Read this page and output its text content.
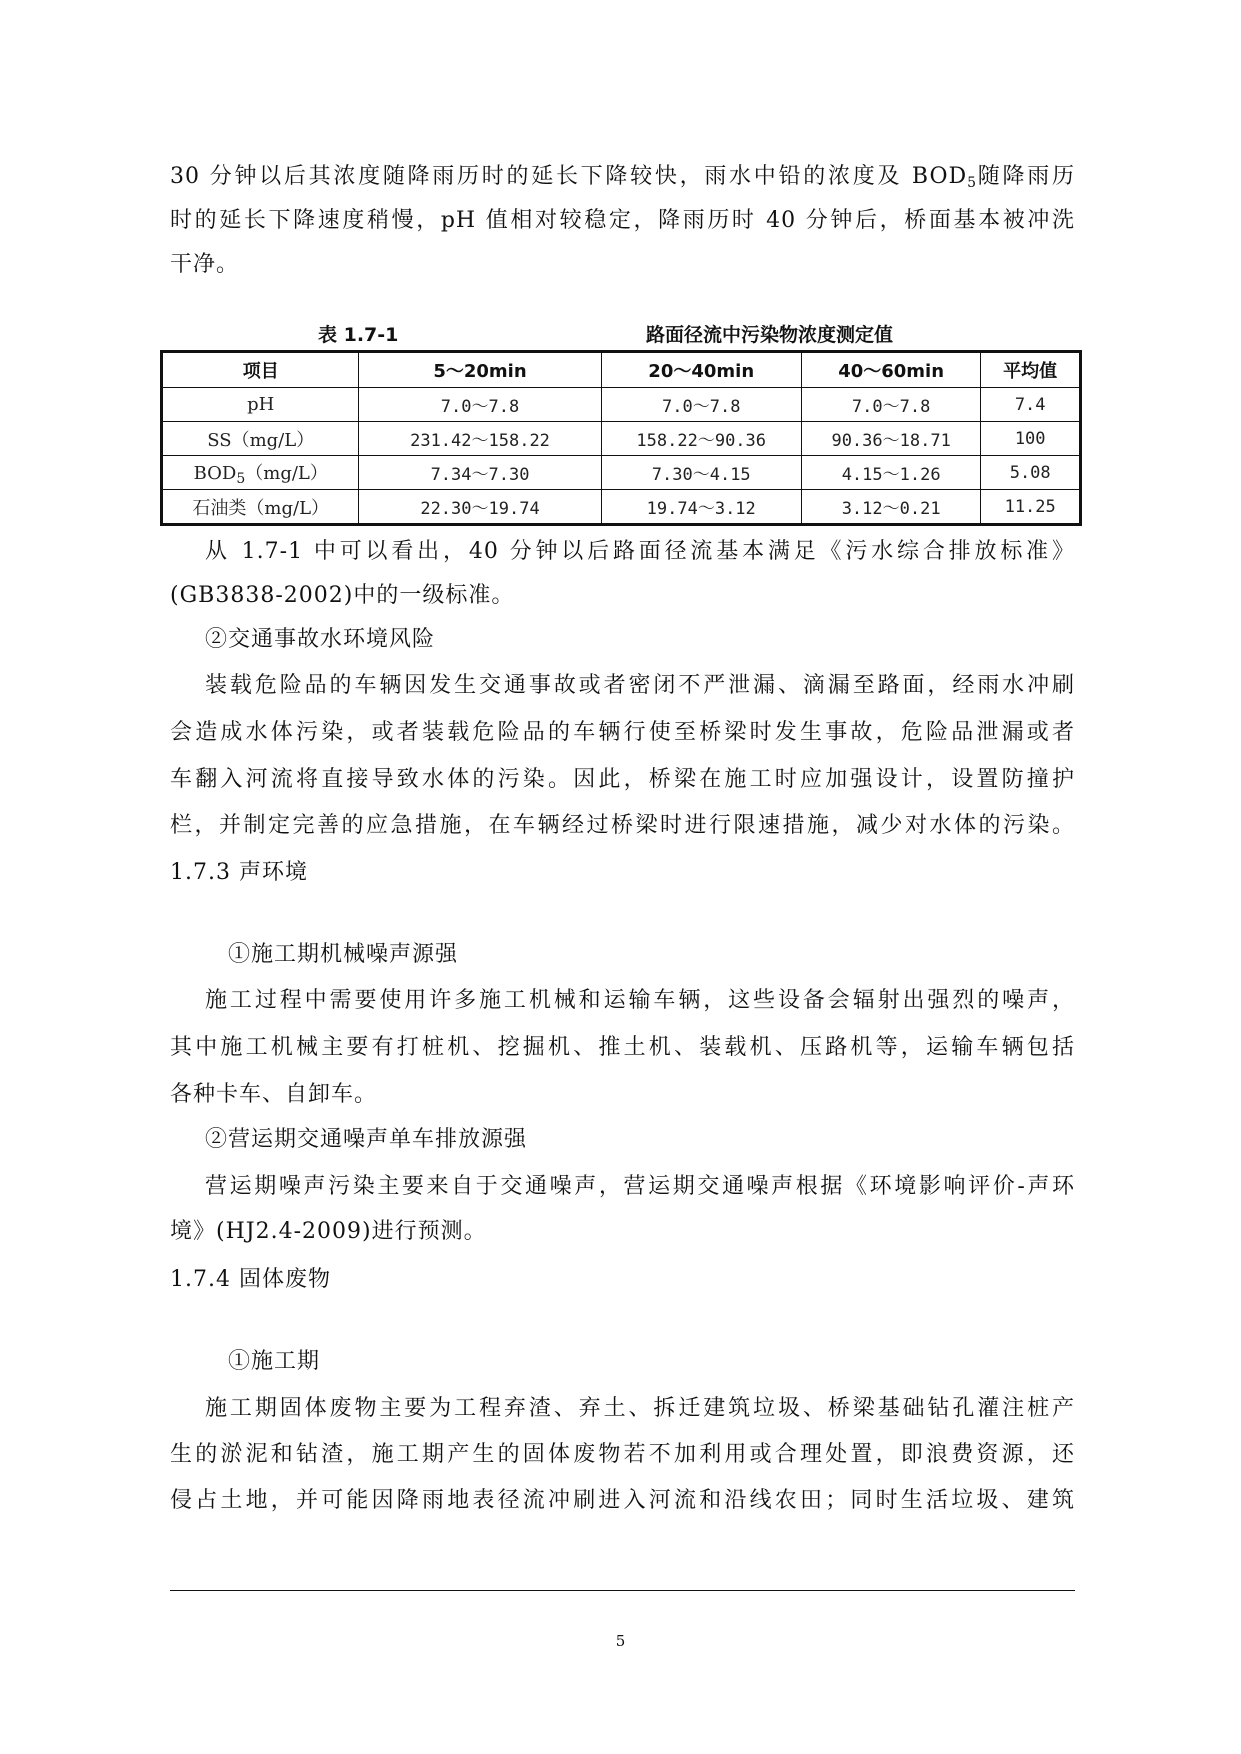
30 分钟以后其浓度随降雨历时的延长下降较快，雨水中铅的浓度及 $BOD_5$随降雨历
时的延长下降速度稍慢，pH 值相对较稳定，降雨历时 40 分钟后，桥面基本被冲洗
干净。
表 1.7-1	路面径流中污染物浓度测定值
项目	5～20min	20～40min	40～60min	平均值
pH	7.0～7.8	7.0～7.8	7.0～7.8	7.4
SS（mg/L）	231.42～158.22	158.22～90.36	90.36～18.71	100
$BOD_5(mg/L)$	7.34～7.30	7.30～4.15	4.15～1.26	5.08
石油类（mg/L）	22.30～19.74	19.74～3.12	3.12～0.21	11.25
从 1.7-1 中可以看出，40 分钟以后路面径流基本满足《污水综合排放标准》
(GB3838-2002)中的一级标准。
②交通事故水环境风险
装载危险品的车辆因发生交通事故或者密闭不严泄漏、滴漏至路面，经雨水冲刷
会造成水体污染，或者装载危险品的车辆行使至桥梁时发生事故，危险品泄漏或者
车翻入河流将直接导致水体的污染。因此，桥梁在施工时应加强设计，设置防撞护
栏，并制定完善的应急措施，在车辆经过桥梁时进行限速措施，减少对水体的污染。
1.7.3 声环境
①施工期机械噪声源强
施工过程中需要使用许多施工机械和运输车辆，这些设备会辐射出强烈的噪声，
其中施工机械主要有打桩机、挖掘机、推土机、装载机、压路机等，运输车辆包括
各种卡车、自卸车。
②营运期交通噪声单车排放源强
营运期噪声污染主要来自于交通噪声，营运期交通噪声根据《环境影响评价-声环
境》(HJ2.4-2009)进行预测。
1.7.4 固体废物
①施工期
施工期固体废物主要为工程弃渣、弃土、拆迁建筑垃圾、桥梁基础钻孔灌注桩产
生的淤泥和钻渣，施工期产生的固体废物若不加利用或合理处置，即浪费资源，还
侵占土地，并可能因降雨地表径流冲刷进入河流和沿线农田；同时生活垃圾、建筑
5
